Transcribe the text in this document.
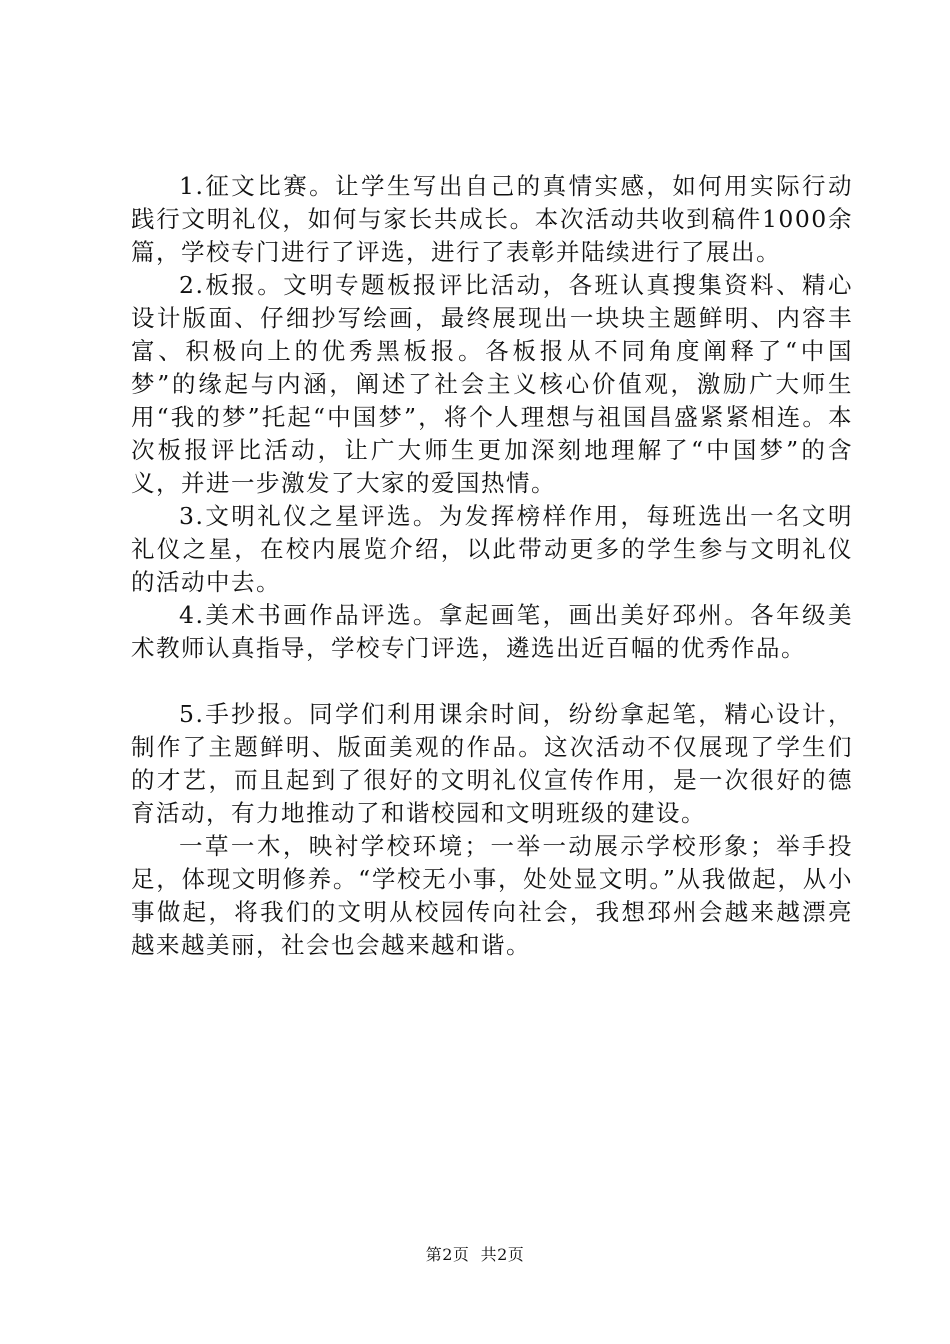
1.征文比赛。让学生写出自己的真情实感，如何用实际行动践行文明礼仪，如何与家长共成长。本次活动共收到稿件1000余篇，学校专门进行了评选，进行了表彰并陆续进行了展出。

2.板报。文明专题板报评比活动，各班认真搜集资料、精心设计版面、仔细抄写绘画，最终展现出一块块主题鲜明、内容丰富、积极向上的优秀黑板报。各板报从不同角度阐释了“中国梦”的缘起与内涵，阐述了社会主义核心价值观，激励广大师生用“我的梦”托起“中国梦”，将个人理想与祖国昌盛紧紧相连。本次板报评比活动，让广大师生更加深刻地理解了“中国梦”的含义，并进一步激发了大家的爱国热情。

3.文明礼仪之星评选。为发挥榜样作用，每班选出一名文明礼仪之星，在校内展览介绍，以此带动更多的学生参与文明礼仪的活动中去。

4.美术书画作品评选。拿起画笔，画出美好邳州。各年级美术教师认真指导，学校专门评选，遴选出近百幅的优秀作品。

5.手抄报。同学们利用课余时间，纷纷拿起笔，精心设计，制作了主题鲜明、版面美观的作品。这次活动不仅展现了学生们的才艺，而且起到了很好的文明礼仪宣传作用，是一次很好的德育活动，有力地推动了和谐校园和文明班级的建设。

一草一木，映衬学校环境；一举一动展示学校形象；举手投足，体现文明修养。“学校无小事，处处显文明。”从我做起，从小事做起，将我们的文明从校园传向社会，我想邳州会越来越漂亮越来越美丽，社会也会越来越和谐。

第2页  共2页
